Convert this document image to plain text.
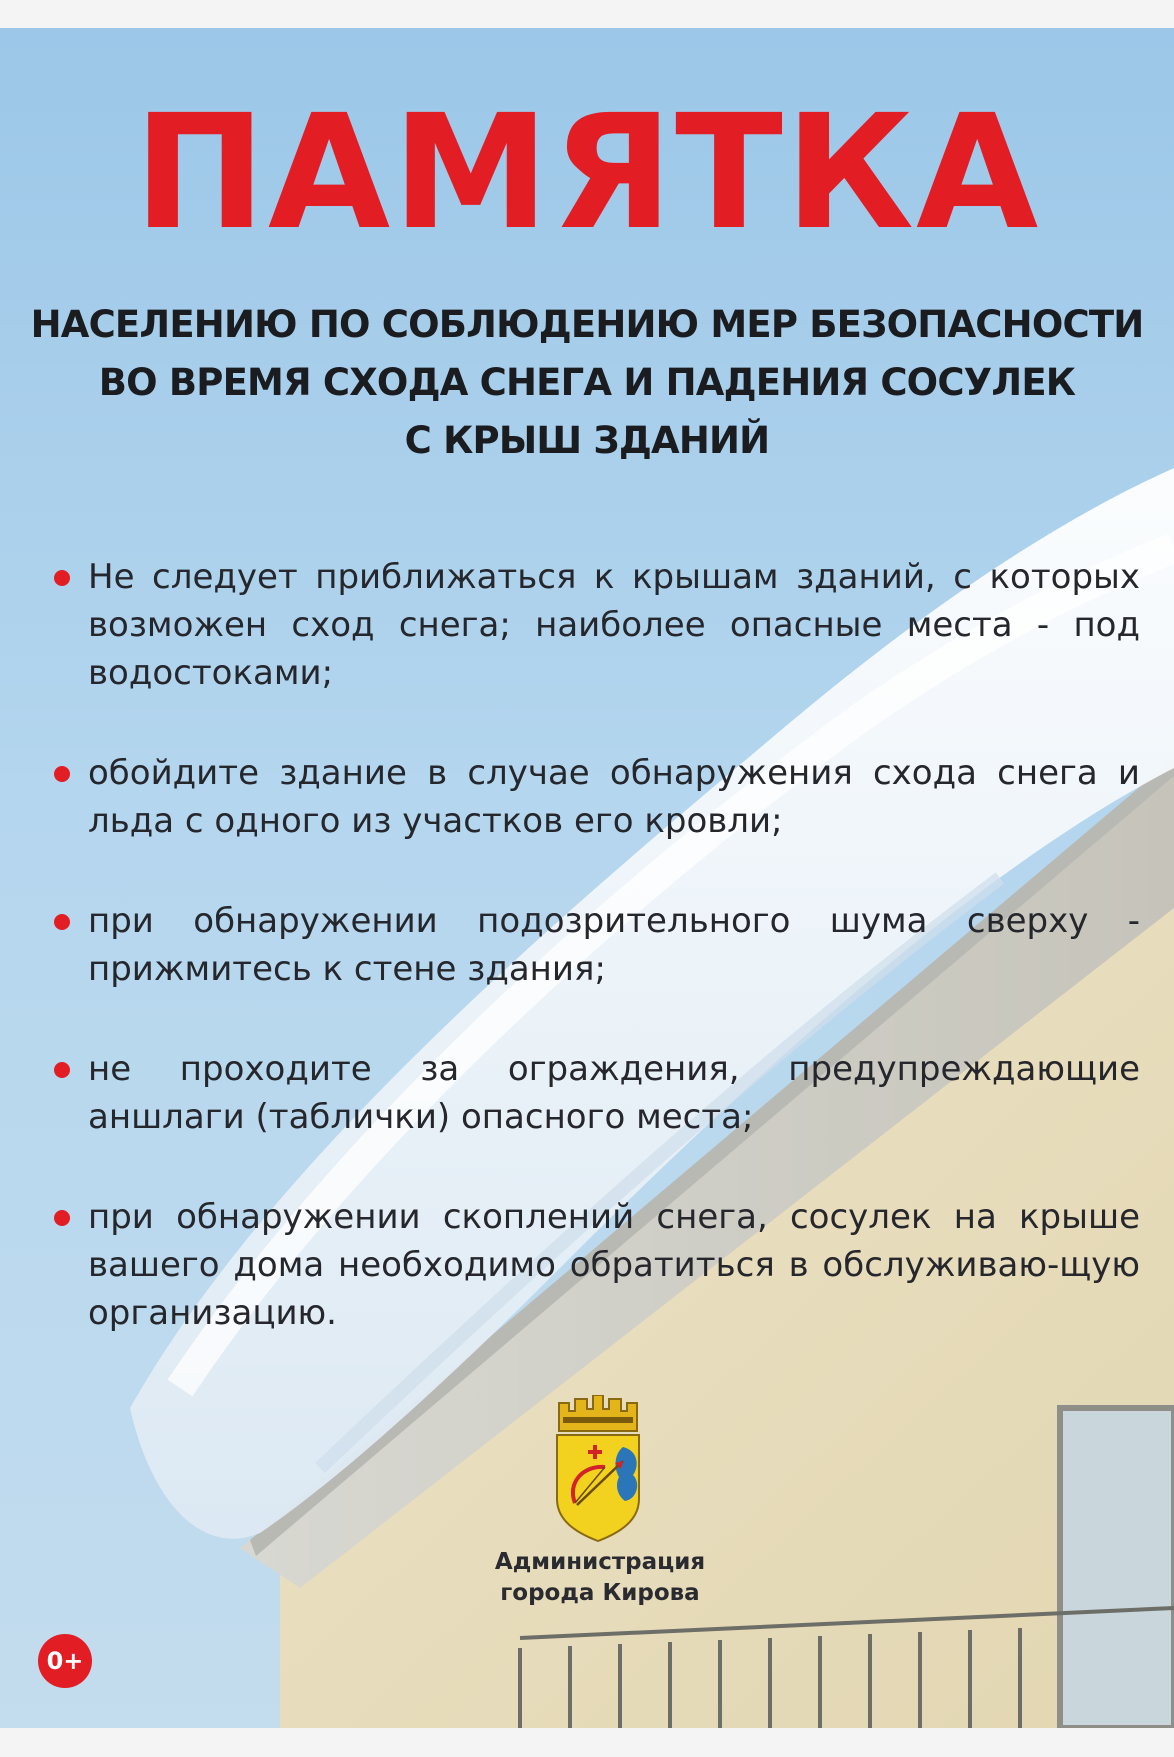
ПАМЯТКА
НАСЕЛЕНИЮ ПО СОБЛЮДЕНИЮ МЕР БЕЗОПАСНОСТИ
ВО ВРЕМЯ СХОДА СНЕГА И ПАДЕНИЯ СОСУЛЕК
С КРЫШ ЗДАНИЙ
Не следует приближаться к крышам зданий, с которых возможен сход снега; наиболее опасные места - под водостоками;
обойдите здание в случае обнаружения схода снега и льда с одного из участков его кровли;
при обнаружении подозрительного шума сверху - прижмитесь к стене здания;
не проходите за ограждения, предупреждающие аншлаги (таблички) опасного места;
при обнаружении скоплений снега, сосулек на крыше вашего дома необходимо обратиться в обслуживаю-щую организацию.
Администрация
города Кирова
0+
